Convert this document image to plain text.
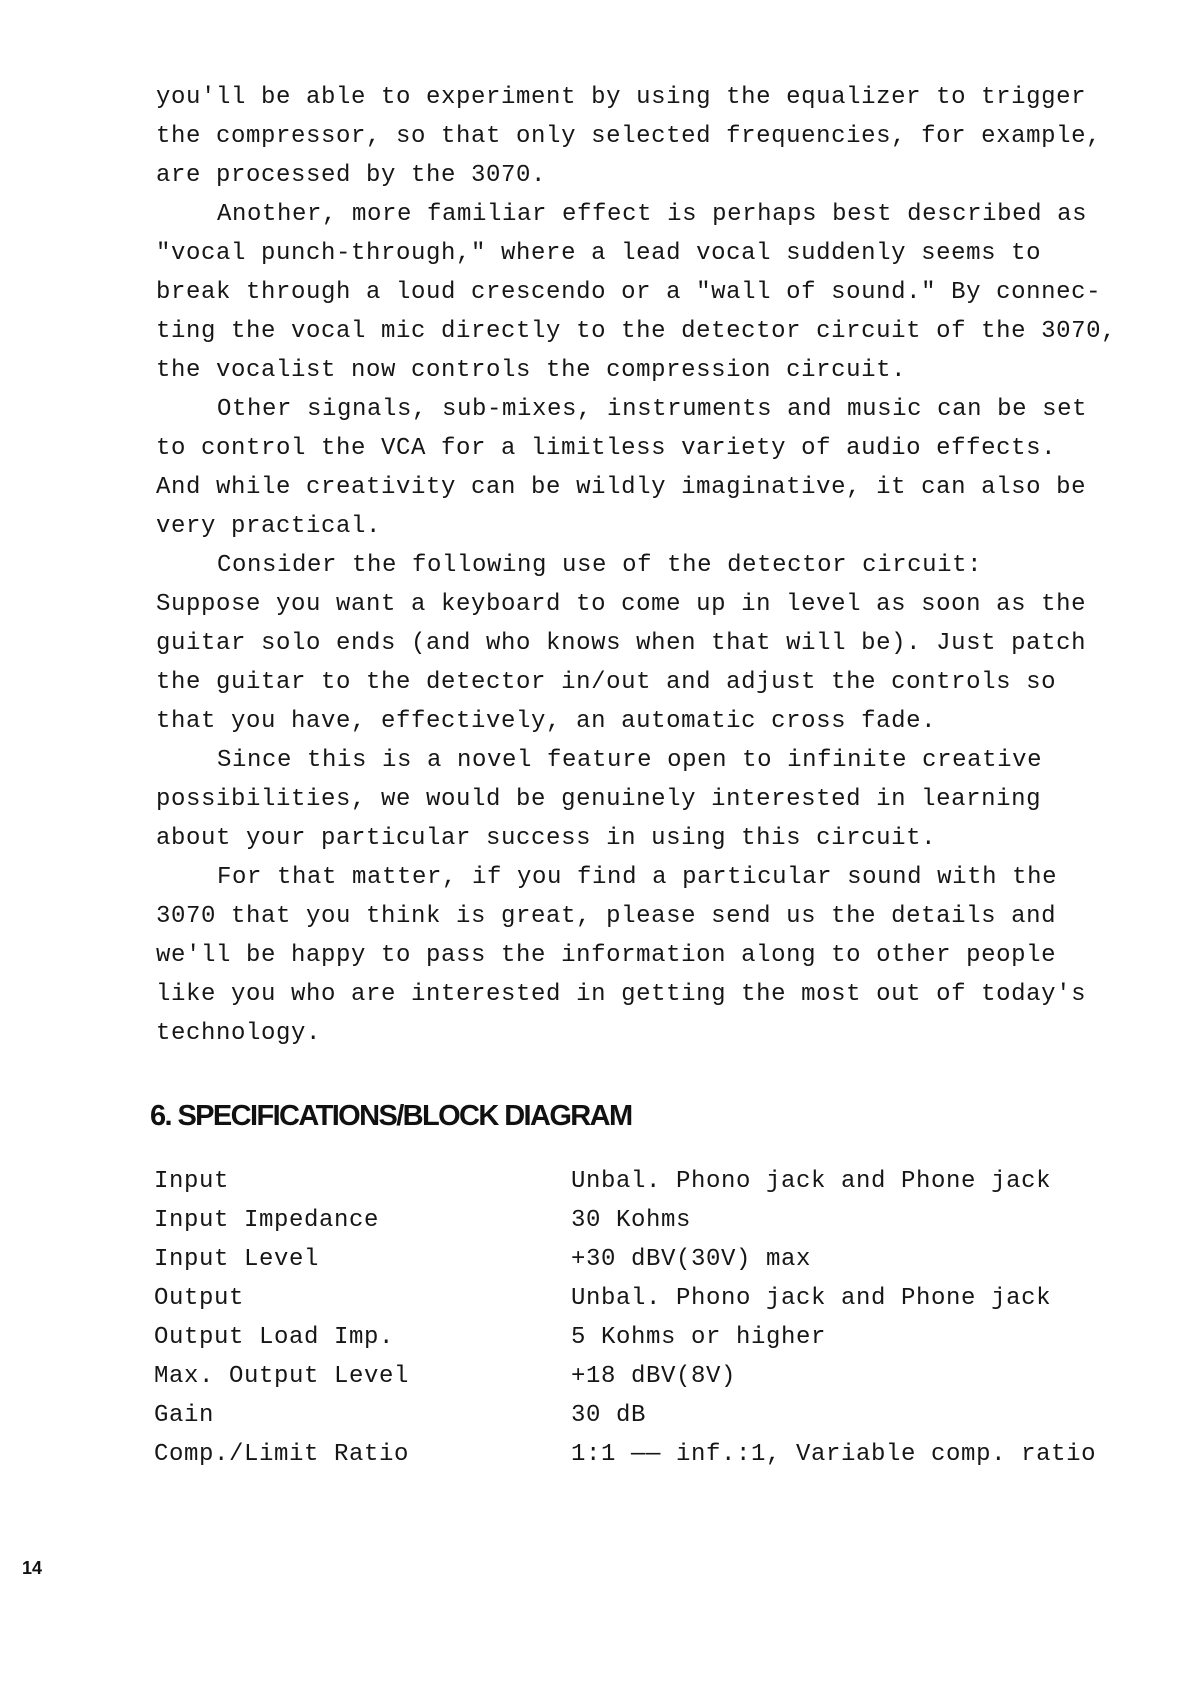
you'll be able to experiment by using the equalizer to trigger
the compressor, so that only selected frequencies, for example,
are processed by the 3070.

Another, more familiar effect is perhaps best described as
"vocal punch-through," where a lead vocal suddenly seems to
break through a loud crescendo or a "wall of sound." By connec-
ting the vocal mic directly to the detector circuit of the 3070,
the vocalist now controls the compression circuit.

Other signals, sub-mixes, instruments and music can be set
to control the VCA for a limitless variety of audio effects.
And while creativity can be wildly imaginative, it can also be
very practical.

Consider the following use of the detector circuit:
Suppose you want a keyboard to come up in level as soon as the
guitar solo ends (and who knows when that will be). Just patch
the guitar to the detector in/out and adjust the controls so
that you have, effectively, an automatic cross fade.

Since this is a novel feature open to infinite creative
possibilities, we would be genuinely interested in learning
about your particular success in using this circuit.

For that matter, if you find a particular sound with the
3070 that you think is great, please send us the details and
we'll be happy to pass the information along to other people
like you who are interested in getting the most out of today's
technology.

6. SPECIFICATIONS/BLOCK DIAGRAM
Input	Unbal. Phono jack and Phone jack
Input Impedance	30 Kohms
Input Level	+30 dBV(30V) max
Output	Unbal. Phono jack and Phone jack
Output Load Imp.	5 Kohms or higher
Max. Output Level	+18 dBV(8V)
Gain	30 dB
Comp./Limit Ratio	1:1 —— inf.:1, Variable comp. ratio
14
